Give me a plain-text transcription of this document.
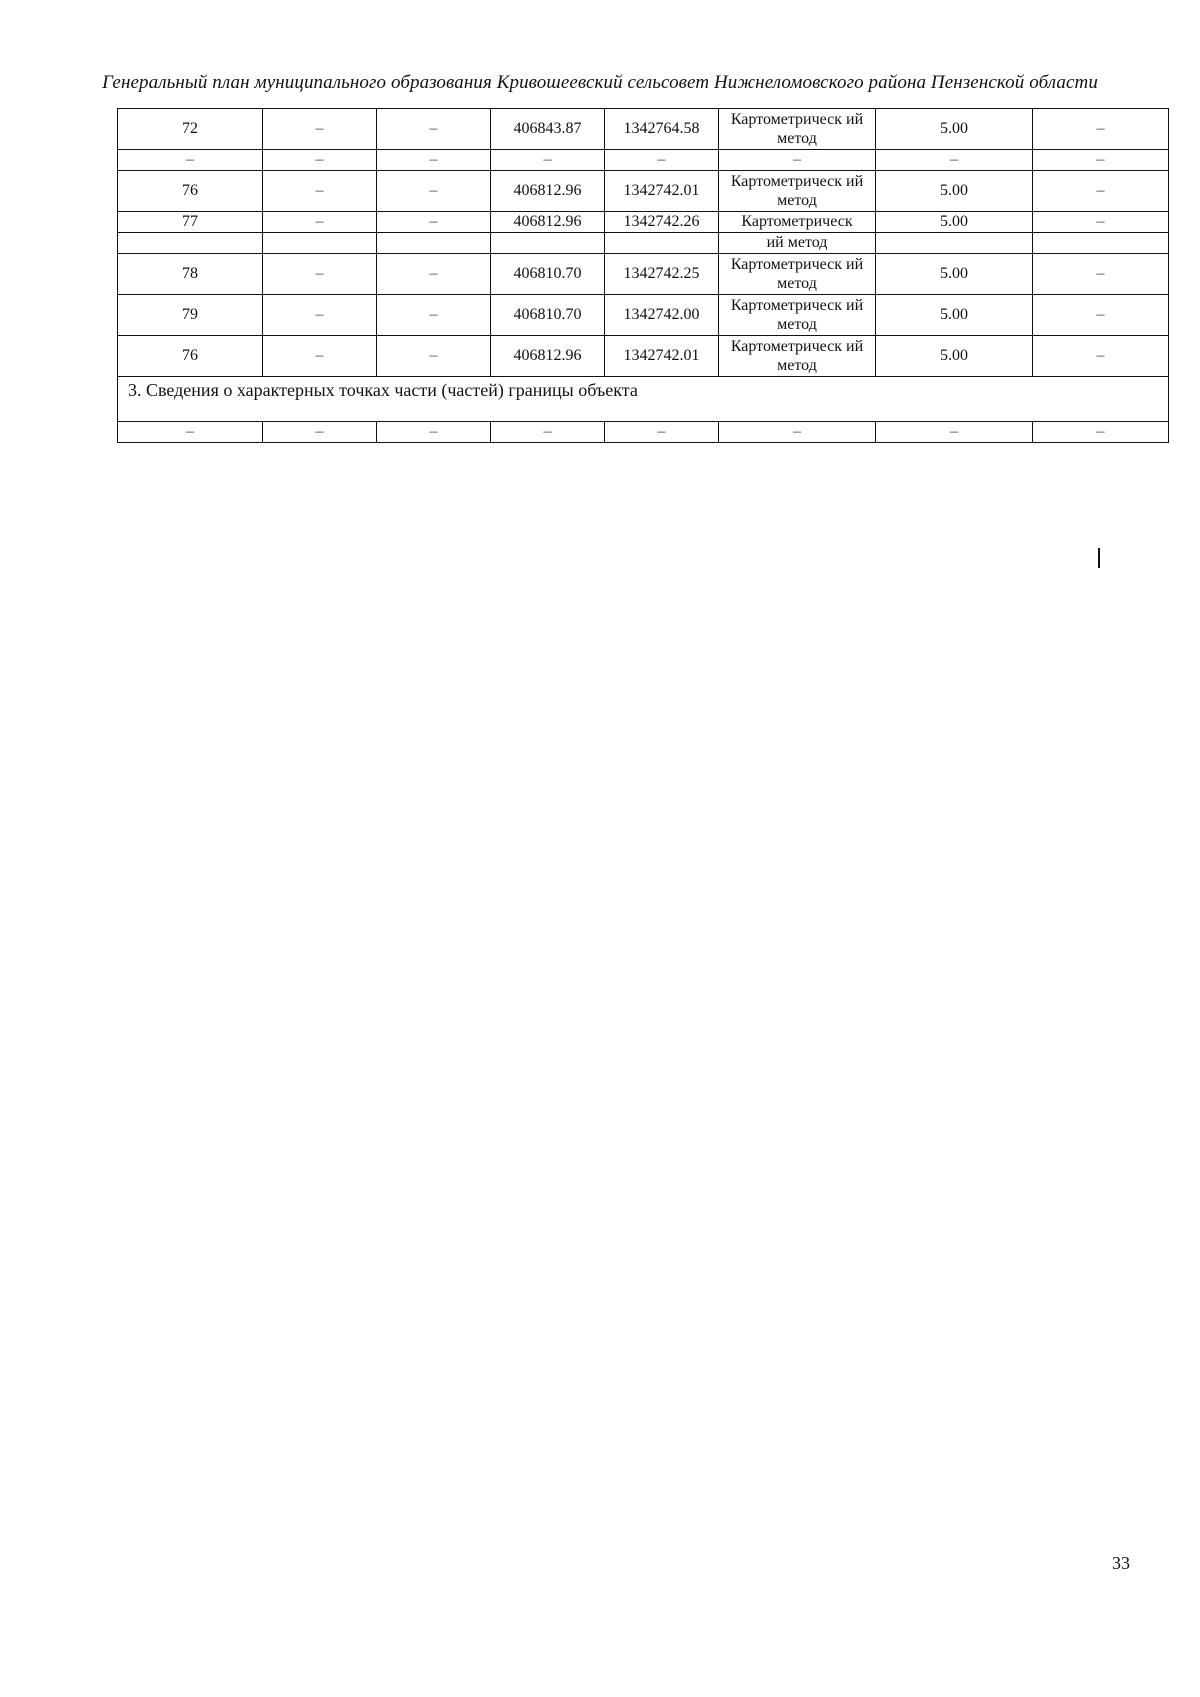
Генеральный план муниципального образования Кривошеевский сельсовет Нижнеломовского района Пензенской области
72	–	–	406843.87	1342764.58	Картометрическ ий метод	5.00	–
–	–	–	–	–	–	–	–
76	–	–	406812.96	1342742.01	Картометрическ ий метод	5.00	–
77	–	–	406812.96	1342742.26	Картометрическ	5.00	–
					ий метод		
78	–	–	406810.70	1342742.25	Картометрическ ий метод	5.00	–
79	–	–	406810.70	1342742.00	Картометрическ ий метод	5.00	–
76	–	–	406812.96	1342742.01	Картометрическ ий метод	5.00	–
3. Сведения о характерных точках части (частей) границы объекта							
–	–	–	–	–	–	–	–
33
